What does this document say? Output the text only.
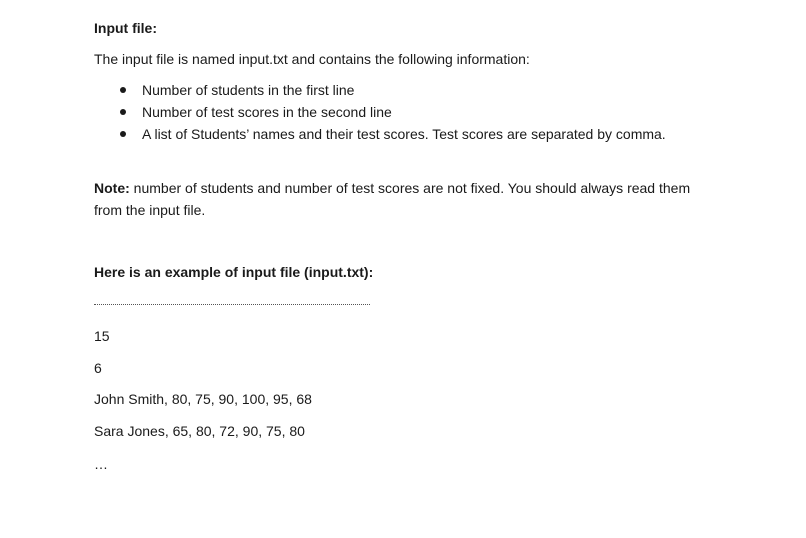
Input file:
The input file is named input.txt and contains the following information:
Number of students in the first line
Number of test scores in the second line
A list of Students’ names and their test scores. Test scores are separated by comma.
Note: number of students and number of test scores are not fixed. You should always read them from the input file.
Here is an example of input file (input.txt):
15
6
John Smith, 80, 75, 90, 100, 95, 68
Sara Jones, 65, 80, 72, 90, 75, 80
…
